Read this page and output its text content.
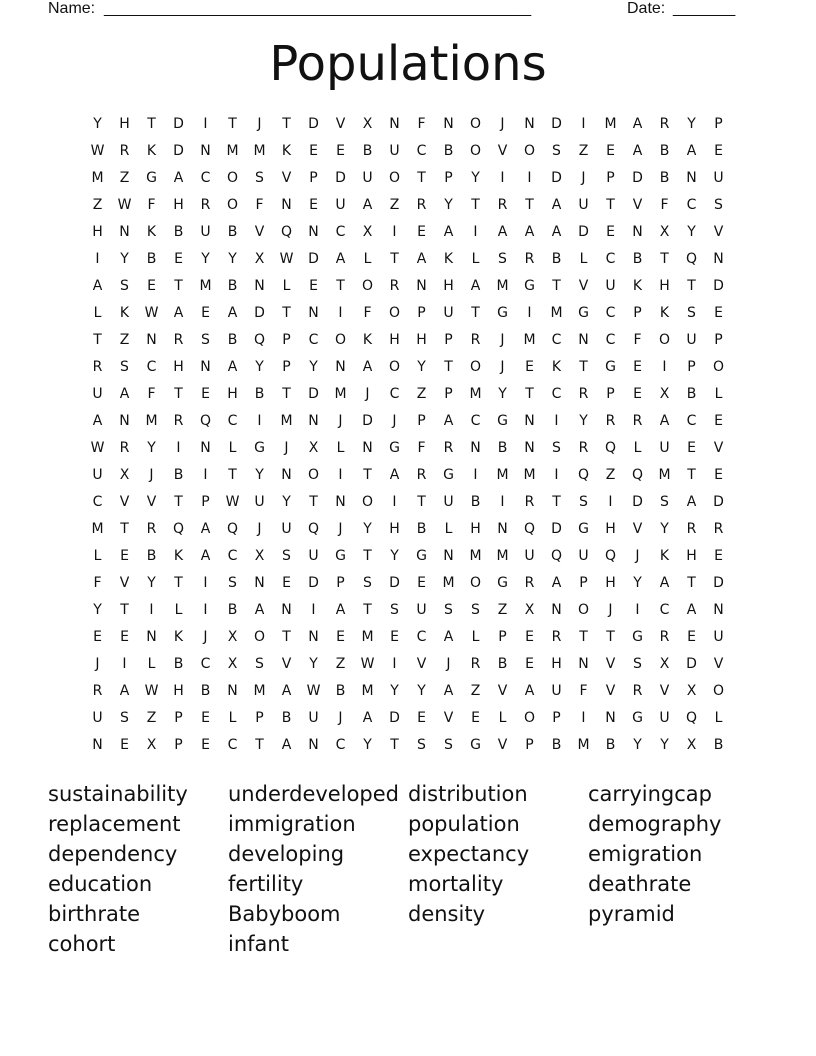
Name: ________________________________________________	Date: _______
Populations
Y	H	T	D	I	T	J	T	D	V	X	N	F	N	O	J	N	D	I	M	A	R	Y	P
W	R	K	D	N	M	M	K	E	E	B	U	C	B	O	V	O	S	Z	E	A	B	A	E
M	Z	G	A	C	O	S	V	P	D	U	O	T	P	Y	I	I	D	J	P	D	B	N	U
Z	W	F	H	R	O	F	N	E	U	A	Z	R	Y	T	R	T	A	U	T	V	F	C	S
H	N	K	B	U	B	V	Q	N	C	X	I	E	A	I	A	A	A	D	E	N	X	Y	V
I	Y	B	E	Y	Y	X	W	D	A	L	T	A	K	L	S	R	B	L	C	B	T	Q	N
A	S	E	T	M	B	N	L	E	T	O	R	N	H	A	M	G	T	V	U	K	H	T	D
L	K	W	A	E	A	D	T	N	I	F	O	P	U	T	G	I	M	G	C	P	K	S	E
T	Z	N	R	S	B	Q	P	C	O	K	H	H	P	R	J	M	C	N	C	F	O	U	P
R	S	C	H	N	A	Y	P	Y	N	A	O	Y	T	O	J	E	K	T	G	E	I	P	O
U	A	F	T	E	H	B	T	D	M	J	C	Z	P	M	Y	T	C	R	P	E	X	B	L
A	N	M	R	Q	C	I	M	N	J	D	J	P	A	C	G	N	I	Y	R	R	A	C	E
W	R	Y	I	N	L	G	J	X	L	N	G	F	R	N	B	N	S	R	Q	L	U	E	V
U	X	J	B	I	T	Y	N	O	I	T	A	R	G	I	M	M	I	Q	Z	Q	M	T	E
C	V	V	T	P	W	U	Y	T	N	O	I	T	U	B	I	R	T	S	I	D	S	A	D
M	T	R	Q	A	Q	J	U	Q	J	Y	H	B	L	H	N	Q	D	G	H	V	Y	R	R
L	E	B	K	A	C	X	S	U	G	T	Y	G	N	M	M	U	Q	U	Q	J	K	H	E
F	V	Y	T	I	S	N	E	D	P	S	D	E	M	O	G	R	A	P	H	Y	A	T	D
Y	T	I	L	I	B	A	N	I	A	T	S	U	S	S	Z	X	N	O	J	I	C	A	N
E	E	N	K	J	X	O	T	N	E	M	E	C	A	L	P	E	R	T	T	G	R	E	U
J	I	L	B	C	X	S	V	Y	Z	W	I	V	J	R	B	E	H	N	V	S	X	D	V
R	A	W	H	B	N	M	A	W	B	M	Y	Y	A	Z	V	A	U	F	V	R	V	X	O
U	S	Z	P	E	L	P	B	U	J	A	D	E	V	E	L	O	P	I	N	G	U	Q	L
N	E	X	P	E	C	T	A	N	C	Y	T	S	S	G	V	P	B	M	B	Y	Y	X	B
sustainability
replacement
dependency
education
birthrate
cohort
underdeveloped
immigration
developing
fertility
Babyboom
infant
distribution
population
expectancy
mortality
density
carryingcap
demography
emigration
deathrate
pyramid
